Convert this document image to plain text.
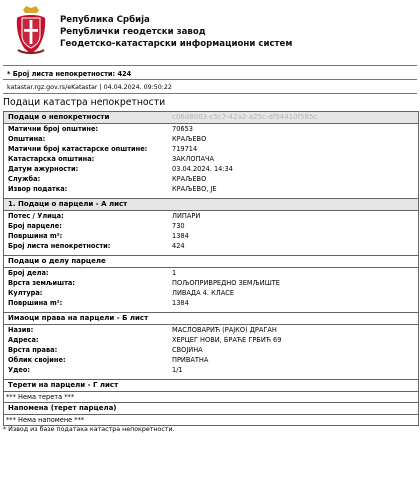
Република Србија
Републички геодетски завод
Геодетско-катастарски информациони систем
* Број листа непокретности: 424
katastar.rgz.gov.rs/eKatastar | 04.04.2024. 09:50:22
Подаци катастра непокретности
Подаци о непокретности	c06d8003-c5c7-42a2-a25c-df94410f585c
Матични број општине:	70653
Општина:	КРАЉЕВО
Матични број катастарске општине:	719714
Катастарска општина:	ЗАКЛОПАЧА
Датум ажурности:	03.04.2024. 14:34
Служба:	КРАЉЕВО
Извор податка:	КРАЉЕВО, ЈЕ
1. Подаци о парцели - А лист
Потес / Улица:	ЛИПАРИ
Број парцеле:	730
Површина m²:	1384
Број листа непокретности:	424
Подаци о делу парцеле
Број дела:	1
Врста земљишта:	ПОЉОПРИВРЕДНО ЗЕМЉИШТЕ
Култура:	ЛИВАДА 4. КЛАСЕ
Површина m²:	1384
Имаоци права на парцели - Б лист
Назив:	МАСЛОВАРИЋ (РАЈКО) ДРАГАН
Адреса:	ХЕРЦЕГ НОВИ, БРАЋЕ ГРБИЋ 69
Врста права:	СВОЈИНА
Облик својине:	ПРИВАТНА
Удео:	1/1
Терети на парцели - Г лист
*** Нема терета ***
Напомена (терет парцела)
*** Нема напомене ***
* Извод из базе података катастра непокретности.
